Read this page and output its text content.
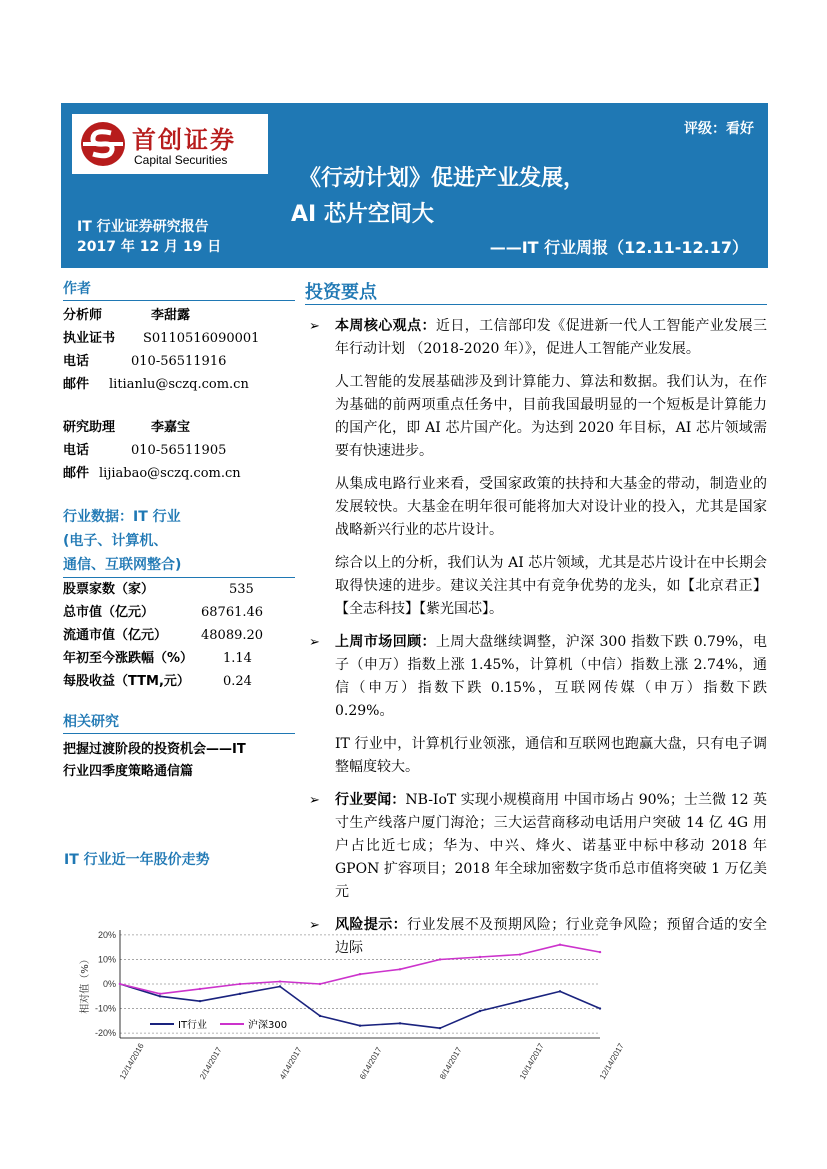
首创证券
Capital Securities
评级：看好
《行动计划》促进产业发展，
AI 芯片空间大
IT 行业证券研究报告
2017 年 12 月 19 日	——IT 行业周报（12.11-12.17）
作者
分析师	李甜露
执业证书 S0110516090001
电话	010-56511916
邮件 litianlu@sczq.com.cn
研究助理	李嘉宝
电话	010-56511905
邮件 lijiabao@sczq.com.cn
行业数据：IT 行业
(电子、计算机、
通信、互联网整合)
股票家数（家）	535
总市值（亿元）	68761.46
流通市值（亿元）	48089.20
年初至今涨跌幅（%） 1.14
每股收益（TTM,元）	0.24
相关研究
把握过渡阶段的投资机会——IT
行业四季度策略通信篇
投资要点
➢ 本周核心观点：近日，工信部印发《促进新一代人工智能产业发展三年行动计划 （2018-2020 年）》，促进人工智能产业发展。
人工智能的发展基础涉及到计算能力、算法和数据。我们认为，在作为基础的前两项重点任务中，目前我国最明显的一个短板是计算能力的国产化，即 AI 芯片国产化。为达到 2020 年目标，AI 芯片领域需要有快速进步。
从集成电路行业来看，受国家政策的扶持和大基金的带动，制造业的发展较快。大基金在明年很可能将加大对设计业的投入，尤其是国家战略新兴行业的芯片设计。
综合以上的分析，我们认为 AI 芯片领域，尤其是芯片设计在中长期会取得快速的进步。建议关注其中有竞争优势的龙头，如【北京君正】【全志科技】【紫光国芯】。
➢ 上周市场回顾：上周大盘继续调整，沪深 300 指数下跌 0.79%，电子（申万）指数上涨 1.45%，计算机（中信）指数上涨 2.74%，通信（申万）指数下跌 0.15%，互联网传媒（申万）指数下跌 0.29%。
IT 行业中，计算机行业领涨，通信和互联网也跑赢大盘，只有电子调整幅度较大。
➢ 行业要闻：NB-IoT 实现小规模商用 中国市场占 90%；士兰微 12 英寸生产线落户厦门海沧；三大运营商移动电话用户突破 14 亿 4G 用户占比近七成；华为、中兴、烽火、诺基亚中标中移动 2018 年 GPON 扩容项目；2018 年全球加密数字货币总市值将突破 1 万亿美元
➢ 风险提示：行业发展不及预期风险；行业竞争风险；预留合适的安全边际
IT 行业近一年股价走势
20%
10%
0%
-10%
-20%
相对值（%）
12/14/2016	2/14/2017	4/14/2017	6/14/2017	8/14/2017	10/14/2017	12/14/2017
IT行业	沪深300
